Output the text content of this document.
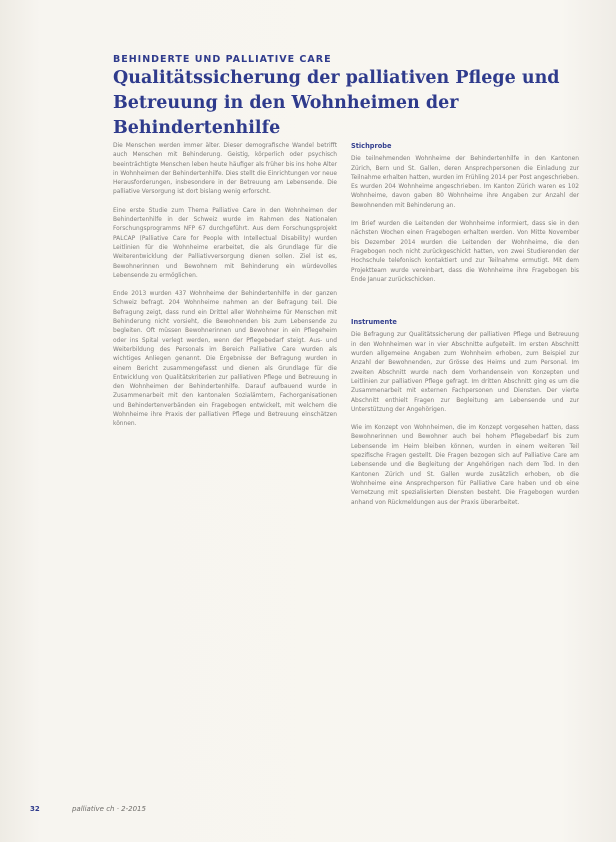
BEHINDERTE UND PALLIATIVE CARE
Qualitätssicherung der palliativen Pflege und Betreuung in den Wohnheimen der Behindertenhilfe

Die Menschen werden immer älter. Dieser demografische Wandel betrifft auch Menschen mit Behinderung. Geistig, körperlich oder psychisch beeinträchtigte Menschen leben heute häufiger als früher bis ins hohe Alter in Wohnheimen der Behindertenhilfe. Dies stellt die Einrichtungen vor neue Herausforderungen, insbesondere in der Betreuung am Lebensende. Die palliative Versorgung ist dort bislang wenig erforscht.

Eine erste Studie zum Thema Palliative Care in den Wohnheimen der Behindertenhilfe in der Schweiz wurde im Rahmen des Nationalen Forschungsprogramms NFP 67 durchgeführt. Aus dem Forschungsprojekt PALCAP (Palliative Care for People with Intellectual Disability) wurden Leitlinien für die Wohnheime erarbeitet, die als Grundlage für die Weiterentwicklung der Palliativversorgung dienen sollen. Ziel ist es, Bewohnerinnen und Bewohnern mit Behinderung ein würdevolles Lebensende zu ermöglichen.

Ende 2013 wurden 437 Wohnheime der Behindertenhilfe in der ganzen Schweiz befragt. 204 Wohnheime nahmen an der Befragung teil. Die Befragung zeigt, dass rund ein Drittel aller Wohnheime für Menschen mit Behinderung nicht vorsieht, die Bewohnenden bis zum Lebensende zu begleiten. Oft müssen Bewohnerinnen und Bewohner in ein Pflegeheim oder ins Spital verlegt werden, wenn der Pflegebedarf steigt. Aus- und Weiterbildung des Personals im Bereich Palliative Care wurden als wichtiges Anliegen genannt. Die Ergebnisse der Befragung wurden in einem Bericht zusammengefasst und dienen als Grundlage für die Entwicklung von Qualitätskriterien zur palliativen Pflege und Betreuung in den Wohnheimen der Behindertenhilfe. Darauf aufbauend wurde in Zusammenarbeit mit den kantonalen Sozialämtern, Fachorganisationen und Behindertenverbänden ein Fragebogen entwickelt, mit welchem die Wohnheime ihre Praxis der palliativen Pflege und Betreuung einschätzen können.

Stichprobe

Die teilnehmenden Wohnheime der Behindertenhilfe in den Kantonen Zürich, Bern und St. Gallen, deren Ansprechpersonen die Einladung zur Teilnahme erhalten hatten, wurden im Frühling 2014 per Post angeschrieben. Es wurden 204 Wohnheime angeschrieben. Im Kanton Zürich waren es 102 Wohnheime, davon gaben 80 Wohnheime ihre Angaben zur Anzahl der Bewohnenden mit Behinderung an.

Im Brief wurden die Leitenden der Wohnheime informiert, dass sie in den nächsten Wochen einen Fragebogen erhalten werden. Von Mitte November bis Dezember 2014 wurden die Leitenden der Wohnheime, die den Fragebogen noch nicht zurückgeschickt hatten, von zwei Studierenden der Hochschule telefonisch kontaktiert und zur Teilnahme ermutigt. Mit dem Projektteam wurde vereinbart, dass die Wohnheime ihre Fragebogen bis Ende Januar zurückschicken.

Instrumente

Die Befragung zur Qualitätssicherung der palliativen Pflege und Betreuung in den Wohnheimen war in vier Abschnitte aufgeteilt. Im ersten Abschnitt wurden allgemeine Angaben zum Wohnheim erhoben, zum Beispiel zur Anzahl der Bewohnenden, zur Grösse des Heims und zum Personal. Im zweiten Abschnitt wurde nach dem Vorhandensein von Konzepten und Leitlinien zur palliativen Pflege gefragt. Im dritten Abschnitt ging es um die Zusammenarbeit mit externen Fachpersonen und Diensten. Der vierte Abschnitt enthielt Fragen zur Begleitung am Lebensende und zur Unterstützung der Angehörigen.

Wie im Konzept von Wohnheimen, die im Konzept vorgesehen hatten, dass Bewohnerinnen und Bewohner auch bei hohem Pflegebedarf bis zum Lebensende im Heim bleiben können, wurden in einem weiteren Teil spezifische Fragen gestellt. Die Fragen bezogen sich auf Palliative Care am Lebensende und die Begleitung der Angehörigen nach dem Tod. In den Kantonen Zürich und St. Gallen wurde zusätzlich erhoben, ob die Wohnheime eine Ansprechperson für Palliative Care haben und ob eine Vernetzung mit spezialisierten Diensten besteht. Die Fragebogen wurden anhand von Rückmeldungen aus der Praxis überarbeitet.

32	palliative ch · 2-2015
